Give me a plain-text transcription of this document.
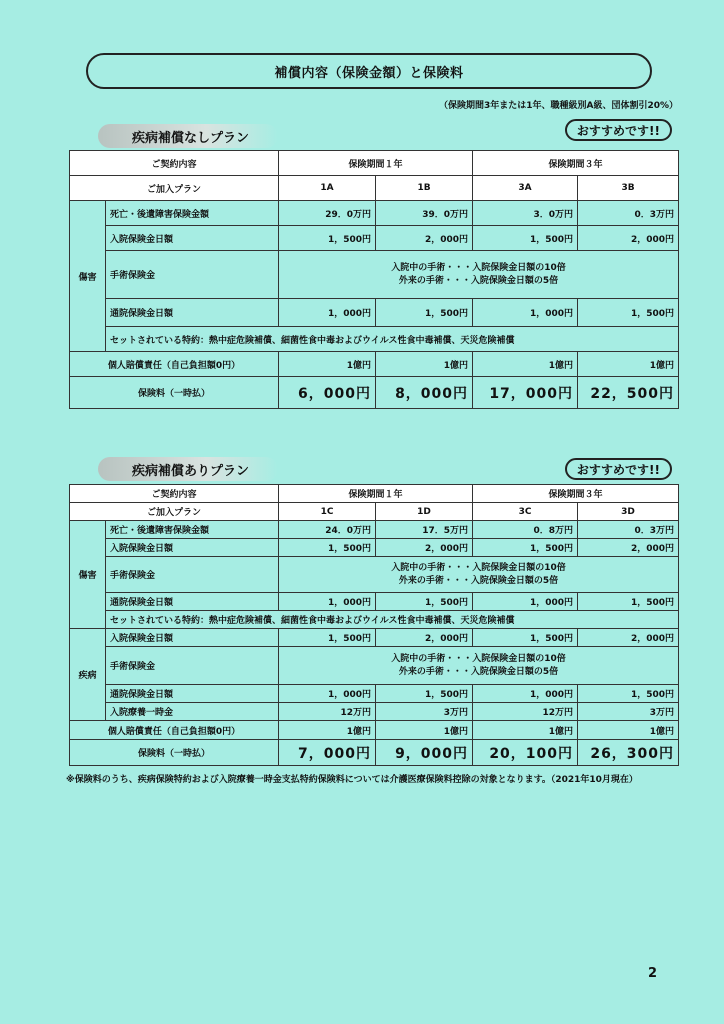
補償内容（保険金額）と保険料
（保険期間3年または1年、職種級別A級、団体割引20%）
疾病補償なしプラン	おすすめです!!
ご契約内容		保険期間１年		保険期間３年	
ご加入プラン		1A	1B	3A	3B
傷害	死亡・後遺障害保険金額	29．0万円	39．0万円	3．0万円	0．3万円
	入院保険金日額	1，500円	2，000円	1，500円	2，000円
	手術保険金	入院中の手術・・・入院保険金日額の10倍
外来の手術・・・入院保険金日額の5倍			

	通院保険金日額	1，000円	1，500円	1，000円	1，500円
	セットされている特約：熱中症危険補償、細菌性食中毒およびウイルス性食中毒補償、天災危険補償				
個人賠償責任（自己負担額0円）		1億円	1億円	1億円	1億円
保険料（一時払）		6，000円	8，000円	17，000円	22，500円
疾病補償ありプラン	おすすめです!!
ご契約内容		保険期間１年		保険期間３年	
ご加入プラン		1C	1D	3C	3D
傷害	死亡・後遺障害保険金額	24．0万円	17．5万円	0．8万円	0．3万円
	入院保険金日額	1，500円	2，000円	1，500円	2，000円
	手術保険金	入院中の手術・・・入院保険金日額の10倍
外来の手術・・・入院保険金日額の5倍			

	通院保険金日額	1，000円	1，500円	1，000円	1，500円
	セットされている特約：熱中症危険補償、細菌性食中毒およびウイルス性食中毒補償、天災危険補償				
疾病	入院保険金日額	1，500円	2，000円	1，500円	2，000円
	手術保険金	入院中の手術・・・入院保険金日額の10倍
外来の手術・・・入院保険金日額の5倍			

	通院保険金日額	1，000円	1，500円	1，000円	1，500円
	入院療養一時金	12万円	3万円	12万円	3万円
個人賠償責任（自己負担額0円）		1億円	1億円	1億円	1億円
保険料（一時払）		7，000円	9，000円	20，100円	26，300円
※保険料のうち、疾病保険特約および入院療養一時金支払特約保険料については介護医療保険料控除の対象となります。（2021年10月現在）
2
